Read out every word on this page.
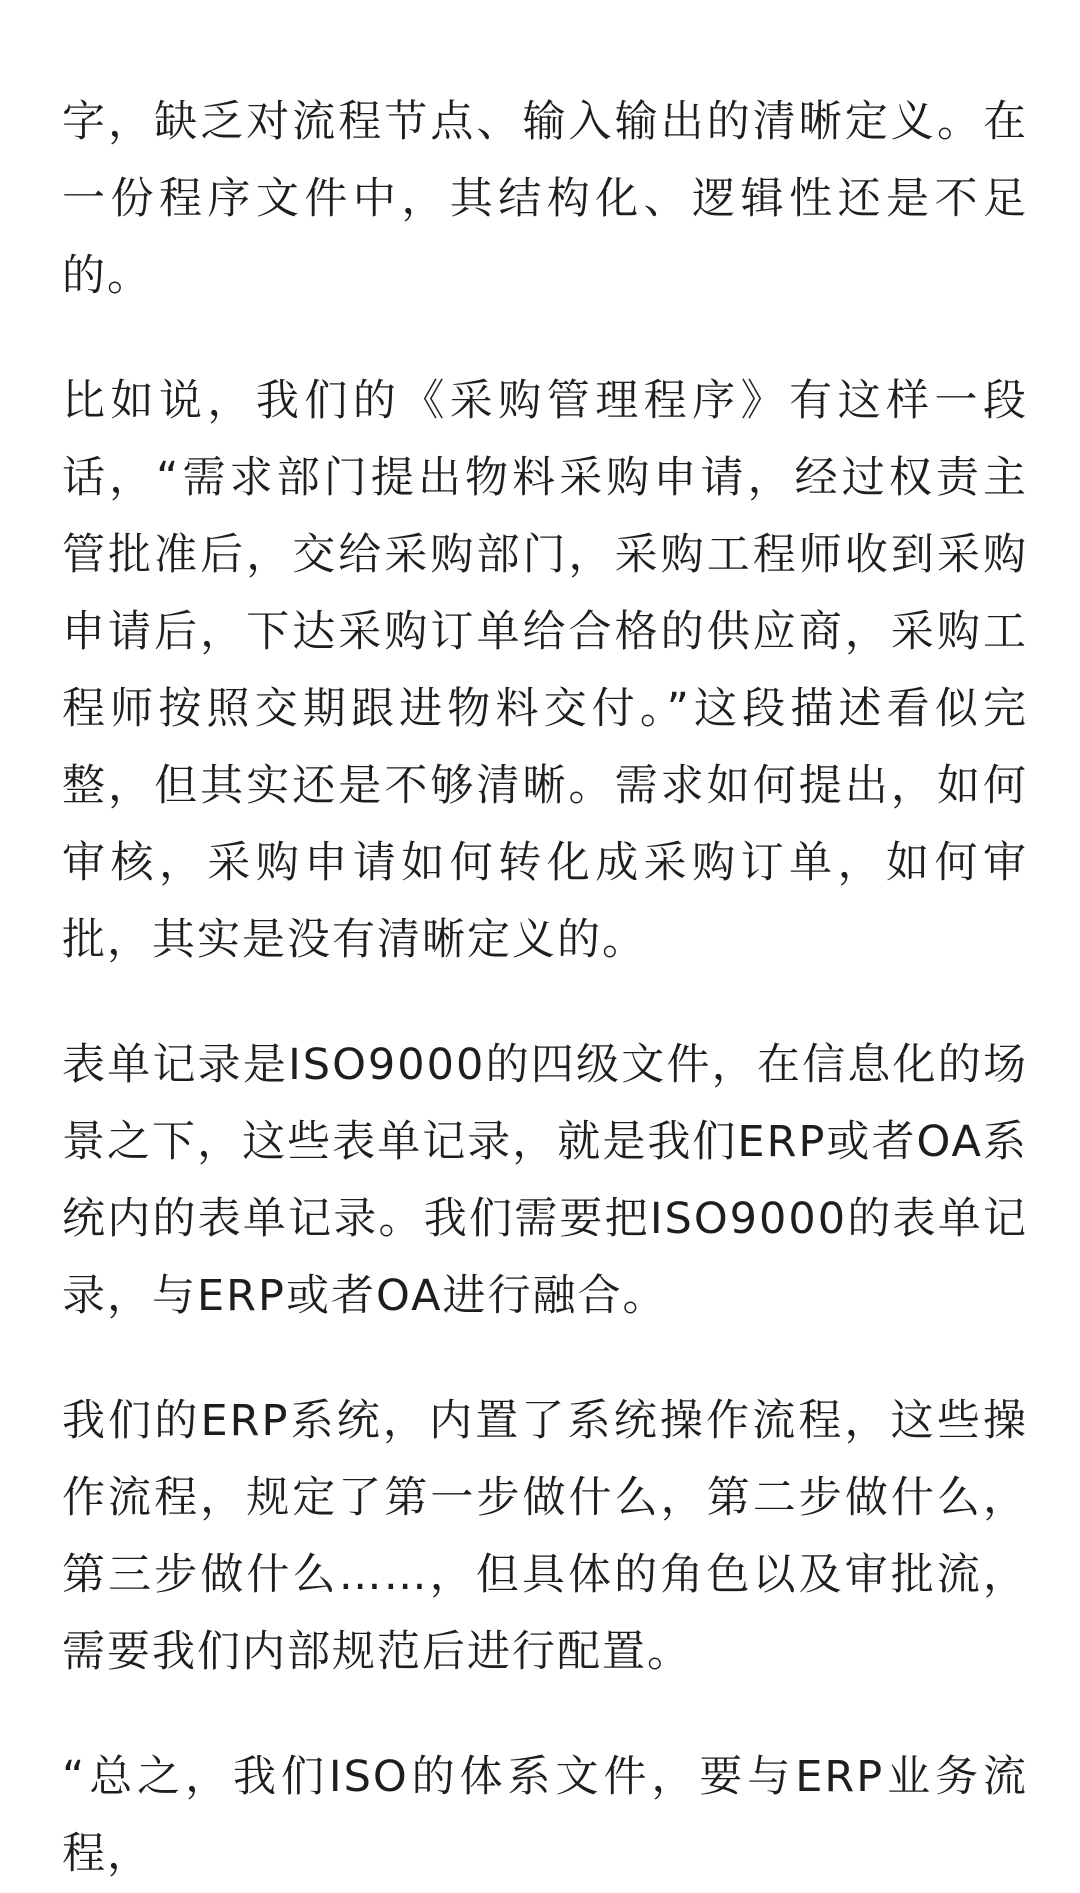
字，缺乏对流程节点、输入输出的清晰定义。在一份程序文件中，其结构化、逻辑性还是不足的。

比如说，我们的《采购管理程序》有这样一段话，“需求部门提出物料采购申请，经过权责主管批准后，交给采购部门，采购工程师收到采购申请后，下达采购订单给合格的供应商，采购工程师按照交期跟进物料交付。”这段描述看似完整，但其实还是不够清晰。需求如何提出，如何审核，采购申请如何转化成采购订单，如何审批，其实是没有清晰定义的。

表单记录是ISO9000的四级文件，在信息化的场景之下，这些表单记录，就是我们ERP或者OA系统内的表单记录。我们需要把ISO9000的表单记录，与ERP或者OA进行融合。

我们的ERP系统，内置了系统操作流程，这些操作流程，规定了第一步做什么，第二步做什么，第三步做什么……，但具体的角色以及审批流，需要我们内部规范后进行配置。

“总之，我们ISO的体系文件，要与ERP业务流程，
